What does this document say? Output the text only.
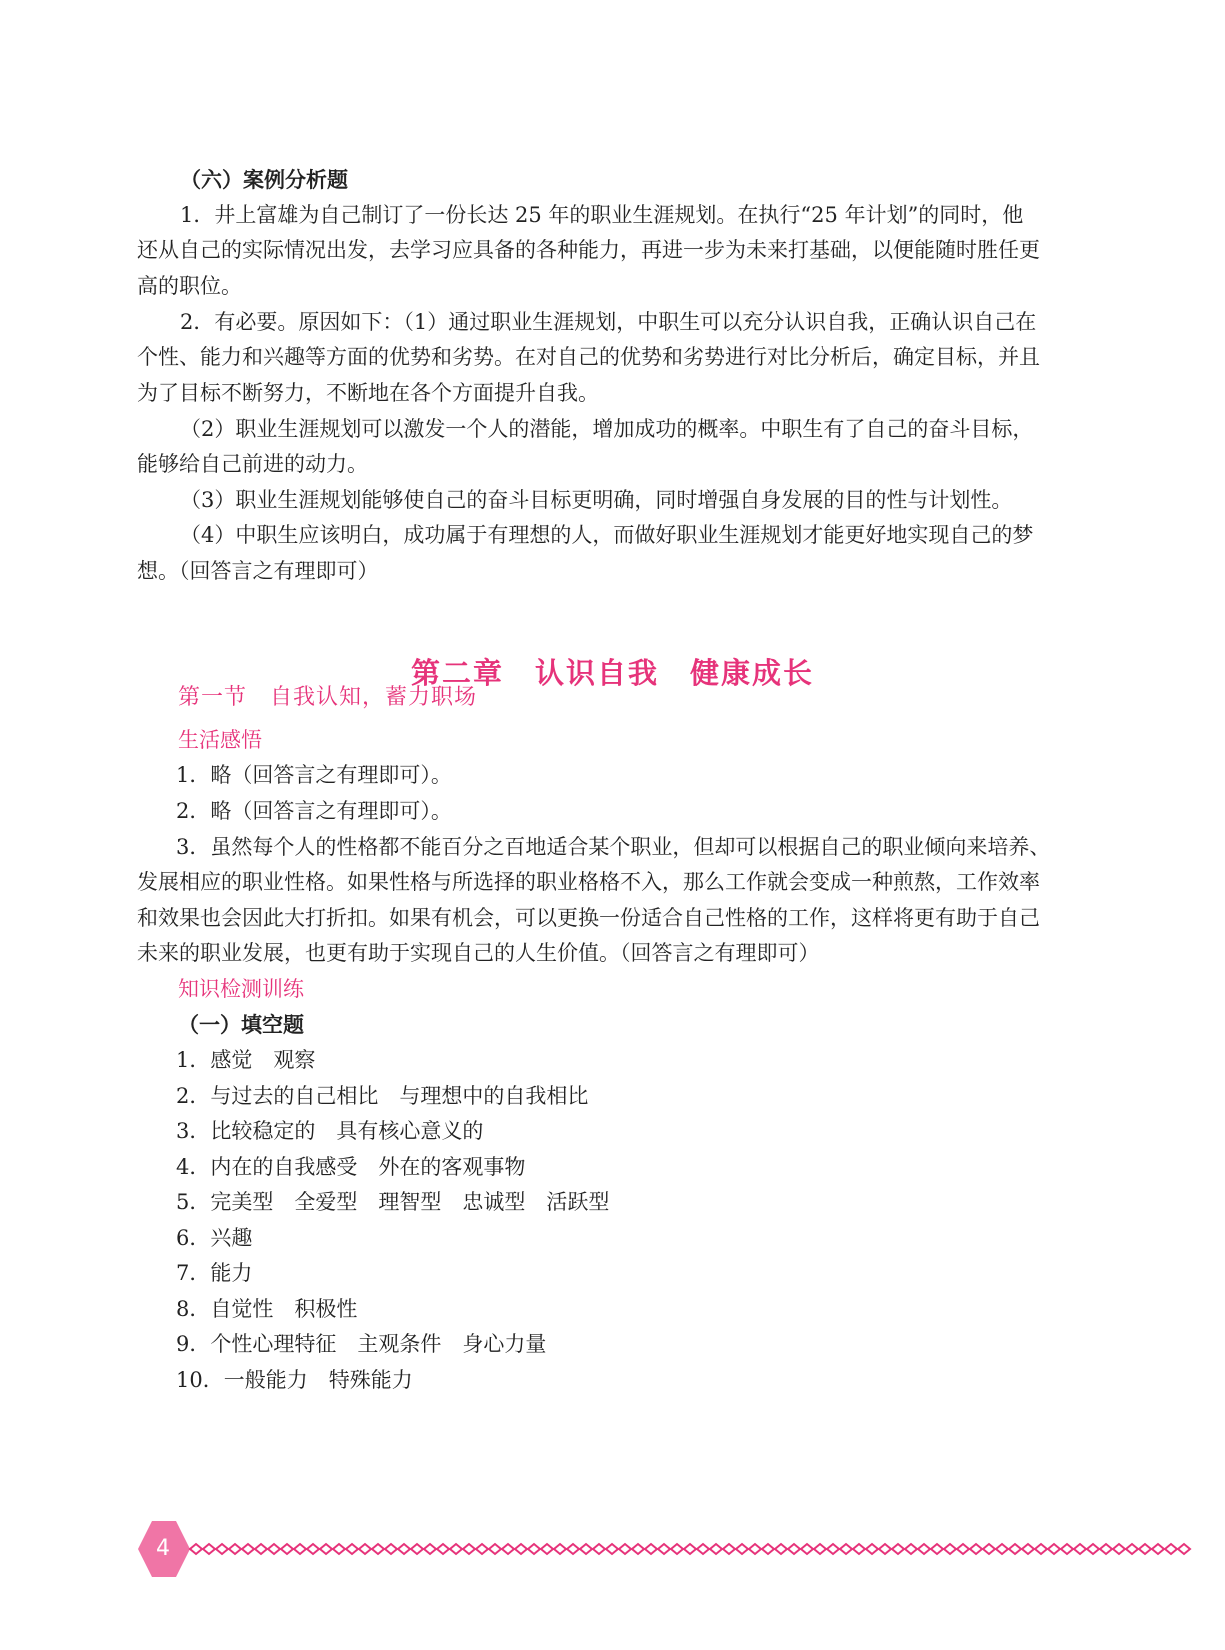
（六）案例分析题
1．井上富雄为自己制订了一份长达 25 年的职业生涯规划。在执行“25 年计划”的同时，他
还从自己的实际情况出发，去学习应具备的各种能力，再进一步为未来打基础，以便能随时胜任更
高的职位。
2．有必要。原因如下：（1）通过职业生涯规划，中职生可以充分认识自我，正确认识自己在
个性、能力和兴趣等方面的优势和劣势。在对自己的优势和劣势进行对比分析后，确定目标，并且
为了目标不断努力，不断地在各个方面提升自我。
（2）职业生涯规划可以激发一个人的潜能，增加成功的概率。中职生有了自己的奋斗目标，
能够给自己前进的动力。
（3）职业生涯规划能够使自己的奋斗目标更明确，同时增强自身发展的目的性与计划性。
（4）中职生应该明白，成功属于有理想的人，而做好职业生涯规划才能更好地实现自己的梦
想。（回答言之有理即可）
第二章　认识自我　健康成长
第一节　自我认知，蓄力职场
生活感悟
1．略（回答言之有理即可）。
2．略（回答言之有理即可）。
3．虽然每个人的性格都不能百分之百地适合某个职业，但却可以根据自己的职业倾向来培养、
发展相应的职业性格。如果性格与所选择的职业格格不入，那么工作就会变成一种煎熬，工作效率
和效果也会因此大打折扣。如果有机会，可以更换一份适合自己性格的工作，这样将更有助于自己
未来的职业发展，也更有助于实现自己的人生价值。（回答言之有理即可）
知识检测训练
（一）填空题
1．感觉　观察
2．与过去的自己相比　与理想中的自我相比
3．比较稳定的　具有核心意义的
4．内在的自我感受　外在的客观事物
5．完美型　全爱型　理智型　忠诚型　活跃型
6．兴趣
7．能力
8．自觉性　积极性
9．个性心理特征　主观条件　身心力量
10．一般能力　特殊能力
4
